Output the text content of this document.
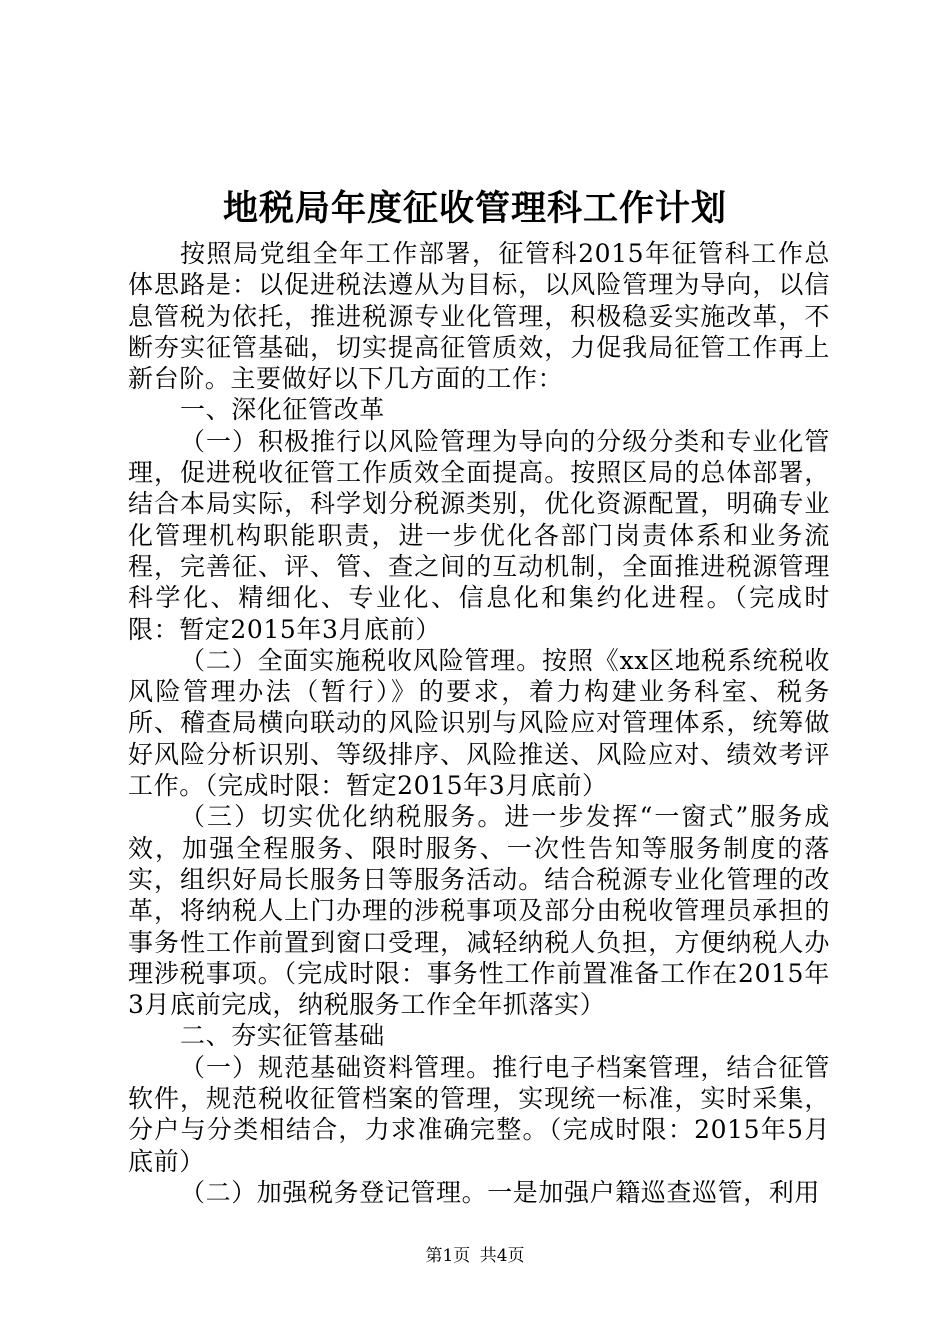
地税局年度征收管理科工作计划

按照局党组全年工作部署，征管科2015年征管科工作总体思路是：以促进税法遵从为目标，以风险管理为导向，以信息管税为依托，推进税源专业化管理，积极稳妥实施改革，不断夯实征管基础，切实提高征管质效，力促我局征管工作再上新台阶。主要做好以下几方面的工作：

一、深化征管改革

（一）积极推行以风险管理为导向的分级分类和专业化管理，促进税收征管工作质效全面提高。按照区局的总体部署，结合本局实际，科学划分税源类别，优化资源配置，明确专业化管理机构职能职责，进一步优化各部门岗责体系和业务流程，完善征、评、管、查之间的互动机制，全面推进税源管理科学化、精细化、专业化、信息化和集约化进程。（完成时限：暂定2015年3月底前）

（二）全面实施税收风险管理。按照《xx区地税系统税收风险管理办法（暂行）》的要求，着力构建业务科室、税务所、稽查局横向联动的风险识别与风险应对管理体系，统筹做好风险分析识别、等级排序、风险推送、风险应对、绩效考评工作。（完成时限：暂定2015年3月底前）

（三）切实优化纳税服务。进一步发挥“一窗式”服务成效，加强全程服务、限时服务、一次性告知等服务制度的落实，组织好局长服务日等服务活动。结合税源专业化管理的改革，将纳税人上门办理的涉税事项及部分由税收管理员承担的事务性工作前置到窗口受理，减轻纳税人负担，方便纳税人办理涉税事项。（完成时限：事务性工作前置准备工作在2015年3月底前完成，纳税服务工作全年抓落实）

二、夯实征管基础

（一）规范基础资料管理。推行电子档案管理，结合征管软件，规范税收征管档案的管理，实现统一标准，实时采集，分户与分类相结合，力求准确完整。（完成时限：2015年5月底前）

（二）加强税务登记管理。一是加强户籍巡查巡管，利用

第1页 共4页
